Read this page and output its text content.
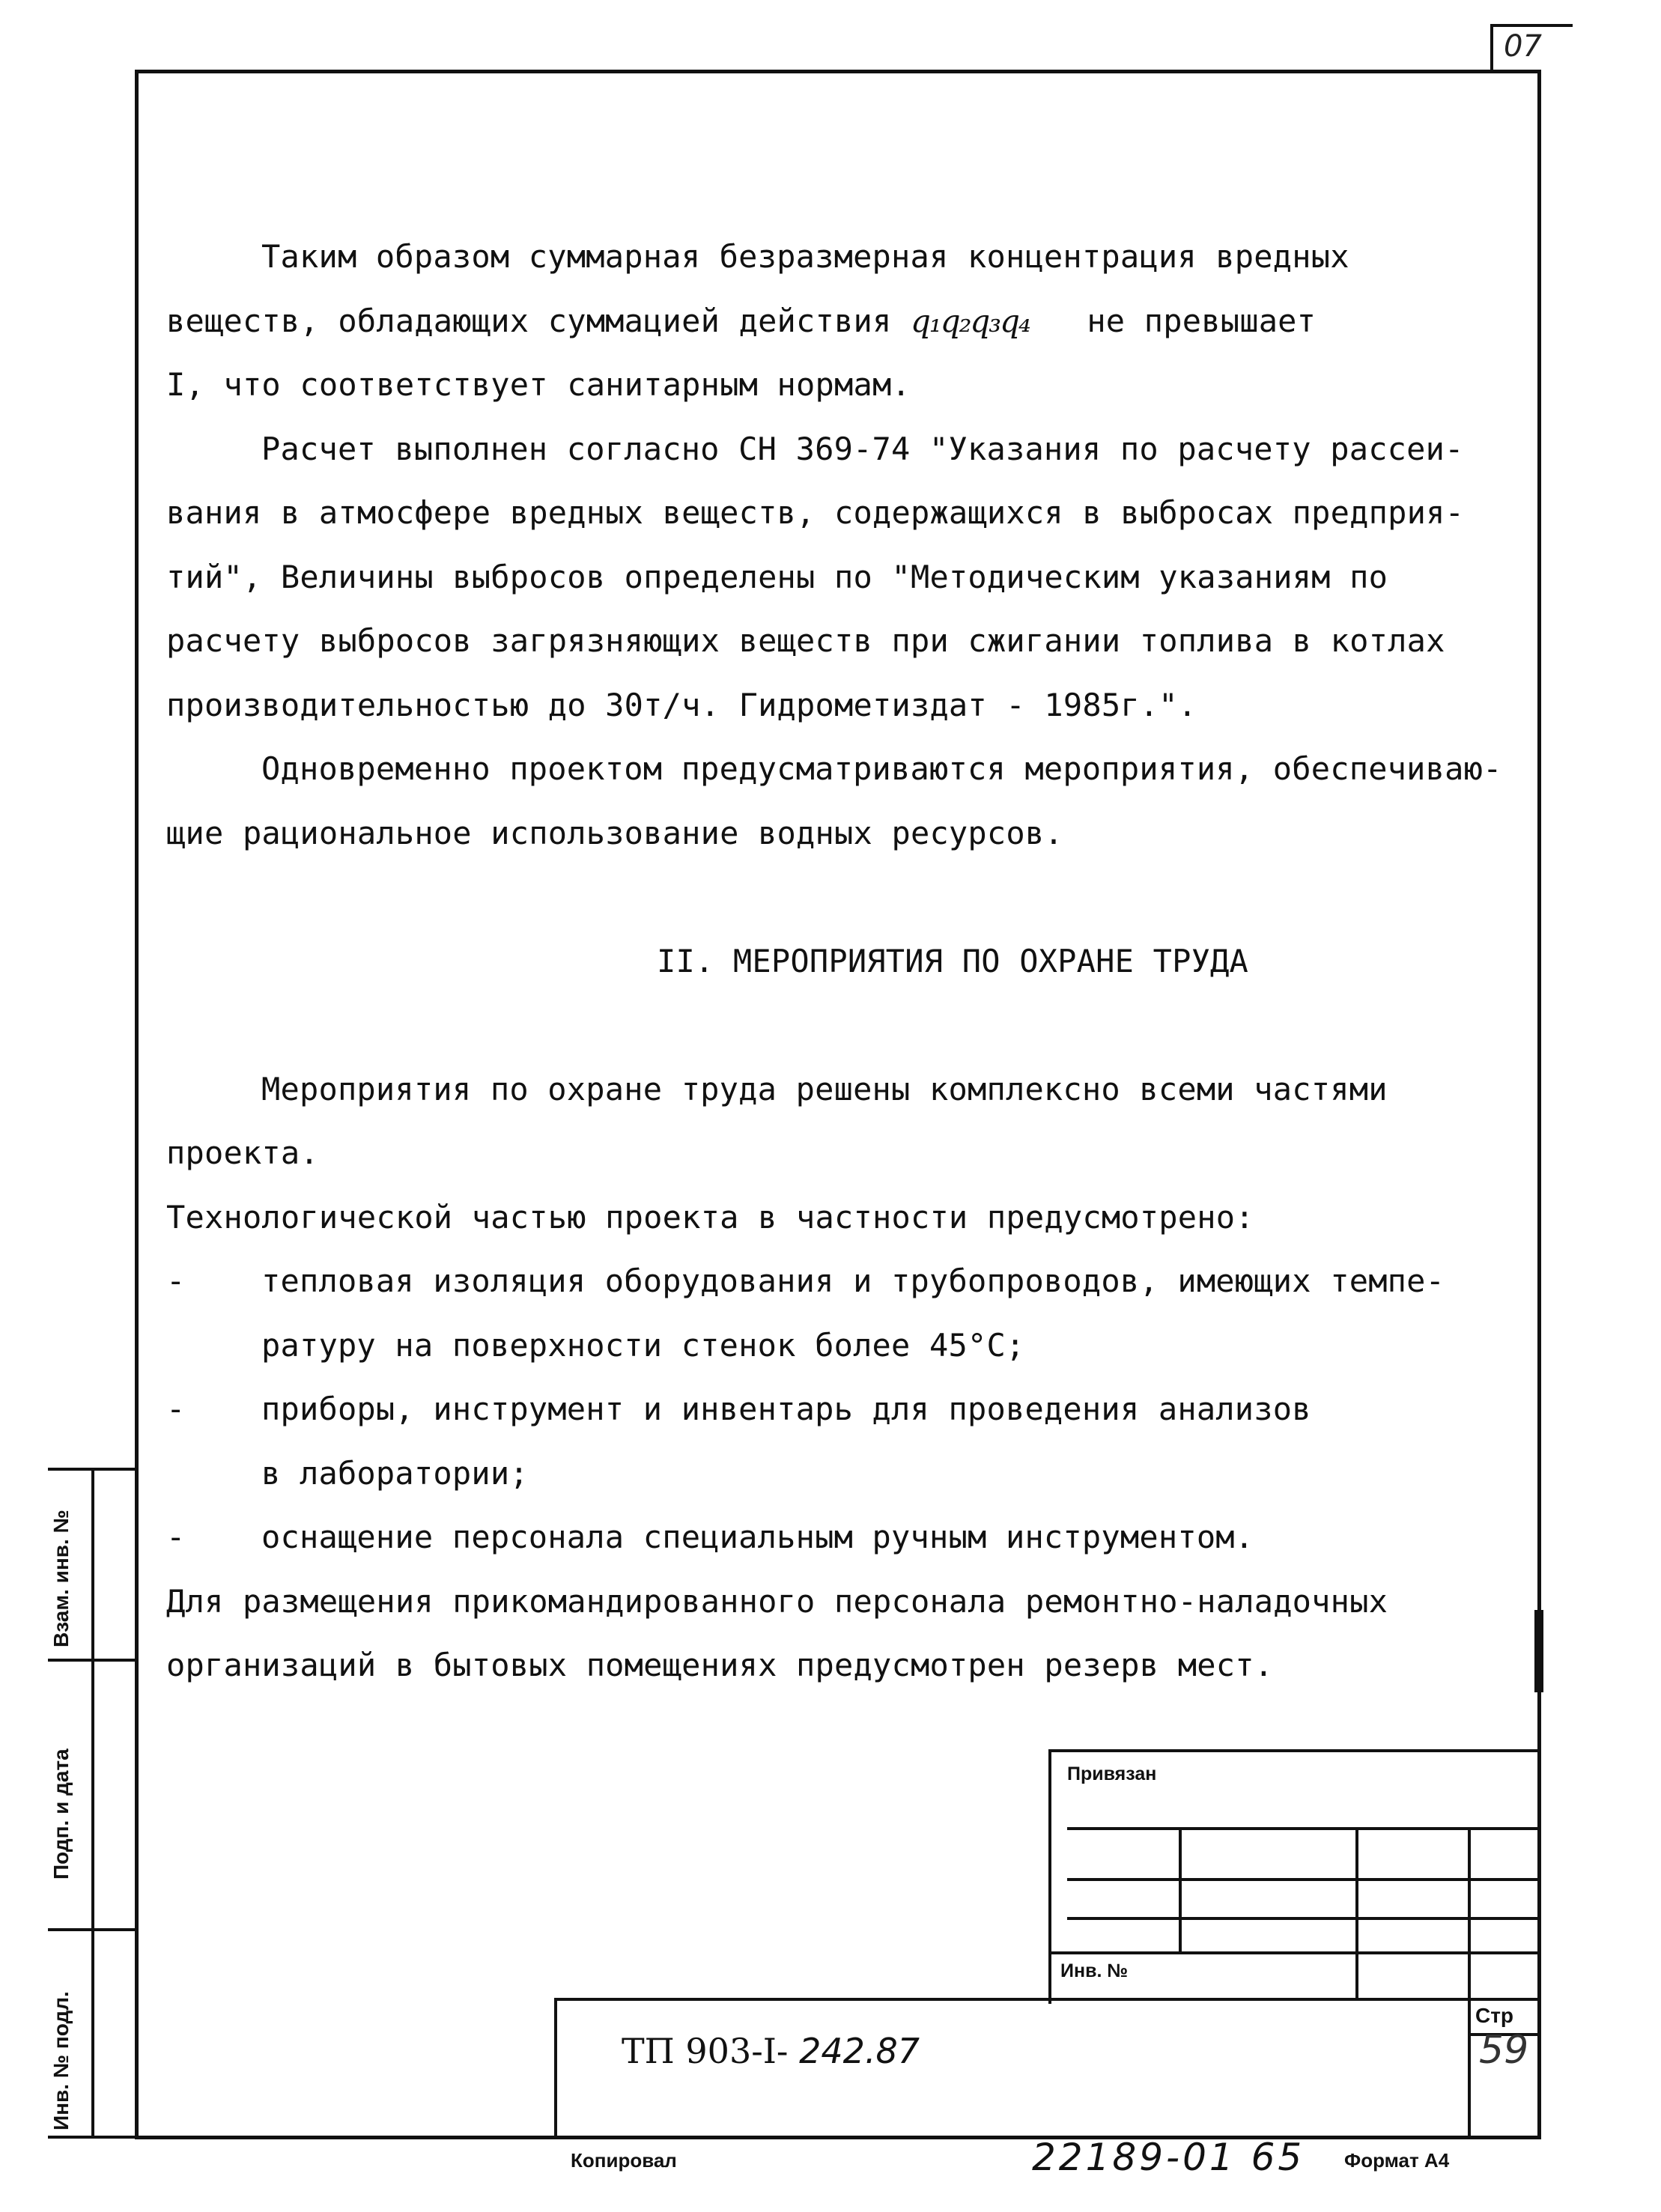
07

Таким образом суммарная безразмерная концентрация вредных

веществ, обладающих суммацией действия q₁q₂q₃q₄   не превышает

I, что соответствует санитарным нормам.

Расчет выполнен согласно СН 369-74 "Указания по расчету рассеи-

вания в атмосфере вредных веществ, содержащихся в выбросах предприя-

тий", Величины выбросов определены по "Методическим указаниям по

расчету выбросов загрязняющих веществ при сжигании топлива в котлах

производительностью до 30т/ч. Гидрометиздат - 1985г.".

Одновременно проектом предусматриваются мероприятия, обеспечиваю-

щие рациональное использование водных ресурсов.

II. МЕРОПРИЯТИЯ ПО ОХРАНЕ ТРУДА

Мероприятия по охране труда решены комплексно всеми частями

проекта.

Технологической частью проекта в частности предусмотрено:

-	тепловая изоляция оборудования и трубопроводов, имеющих темпе-

ратуру на поверхности стенок более 45°С;

-	приборы, инструмент и инвентарь для проведения анализов

в лаборатории;

-	оснащение персонала специальным ручным инструментом.

Для размещения прикомандированного персонала ремонтно-наладочных

организаций в бытовых помещениях предусмотрен резерв мест.

Взам. инв. №
Подп. и дата
Инв. № подл.
Привязан
Инв. №
Стр
ТП 903-I- 242.87	59
Копировал	22189-01 65 Формат А4
